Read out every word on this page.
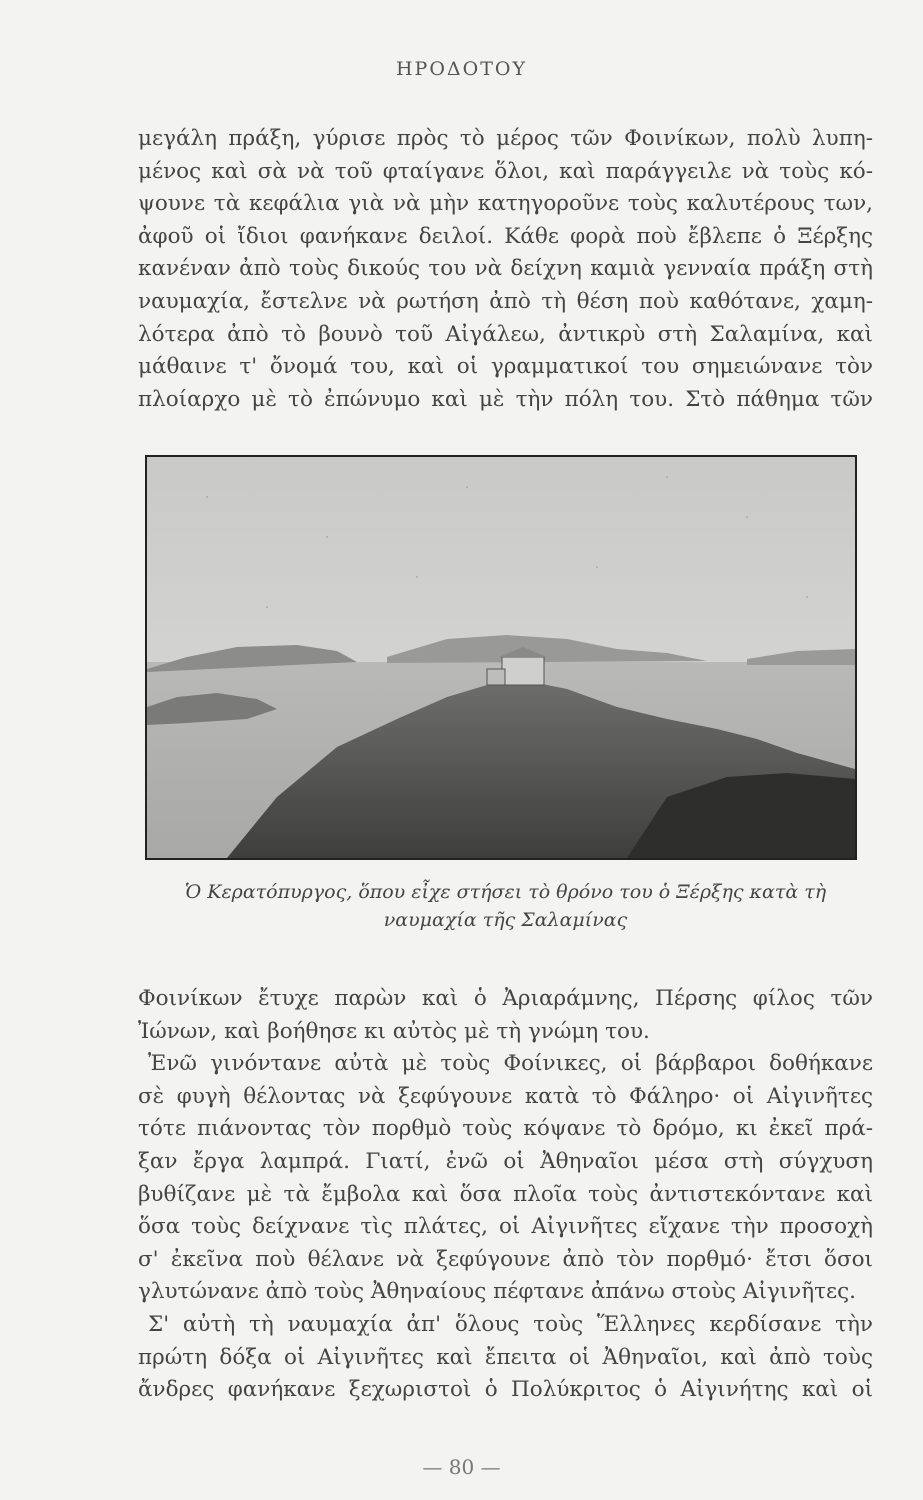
ΗΡΟΔΟΤΟΥ

μεγάλη πράξη, γύρισε πρὸς τὸ μέρος τῶν Φοινίκων, πολὺ λυπη-

μένος καὶ σὰ νὰ τοῦ φταίγανε ὅλοι, καὶ παράγγειλε νὰ τοὺς κό-

ψουνε τὰ κεφάλια γιὰ νὰ μὴν κατηγοροῦνε τοὺς καλυτέρους των,

ἀφοῦ οἱ ἴδιοι φανήκανε δειλοί. Κάθε φορὰ ποὺ ἔβλεπε ὁ Ξέρξης

κανέναν ἀπὸ τοὺς δικούς του νὰ δείχνη καμιὰ γενναία πράξη στὴ

ναυμαχία, ἔστελνε νὰ ρωτήση ἀπὸ τὴ θέση ποὺ καθότανε, χαμη-

λότερα ἀπὸ τὸ βουνὸ τοῦ Αἰγάλεω, ἀντικρὺ στὴ Σαλαμίνα, καὶ

μάθαινε τ' ὄνομά του, καὶ οἱ γραμματικοί του σημειώνανε τὸν

πλοίαρχο μὲ τὸ ἐπώνυμο καὶ μὲ τὴν πόλη του. Στὸ πάθημα τῶν

Ὁ Κερατόπυργος, ὅπου εἶχε στήσει τὸ θρόνο του ὁ Ξέρξης κατὰ τὴ
ναυμαχία τῆς Σαλαμίνας

Φοινίκων ἔτυχε παρὼν καὶ ὁ Ἀριαράμνης, Πέρσης φίλος τῶν

Ἰώνων, καὶ βοήθησε κι αὐτὸς μὲ τὴ γνώμη του.

Ἐνῶ γινόντανε αὐτὰ μὲ τοὺς Φοίνικες, οἱ βάρβαροι δοθήκανε

σὲ φυγὴ θέλοντας νὰ ξεφύγουνε κατὰ τὸ Φάληρο· οἱ Αἰγινῆτες

τότε πιάνοντας τὸν πορθμὸ τοὺς κόψανε τὸ δρόμο, κι ἐκεῖ πρά-

ξαν ἔργα λαμπρά. Γιατί, ἐνῶ οἱ Ἀθηναῖοι μέσα στὴ σύγχυση

βυθίζανε μὲ τὰ ἔμβολα καὶ ὅσα πλοῖα τοὺς ἀντιστεκόντανε καὶ

ὅσα τοὺς δείχνανε τὶς πλάτες, οἱ Αἰγινῆτες εἴχανε τὴν προσοχὴ

σ' ἐκεῖνα ποὺ θέλανε νὰ ξεφύγουνε ἀπὸ τὸν πορθμό· ἔτσι ὅσοι

γλυτώνανε ἀπὸ τοὺς Ἀθηναίους πέφτανε ἀπάνω στοὺς Αἰγινῆτες.

Σ' αὐτὴ τὴ ναυμαχία ἀπ' ὅλους τοὺς Ἕλληνες κερδίσανε τὴν

πρώτη δόξα οἱ Αἰγινῆτες καὶ ἔπειτα οἱ Ἀθηναῖοι, καὶ ἀπὸ τοὺς

ἄνδρες φανήκανε ξεχωριστοὶ ὁ Πολύκριτος ὁ Αἰγινήτης καὶ οἱ

— 80 —
